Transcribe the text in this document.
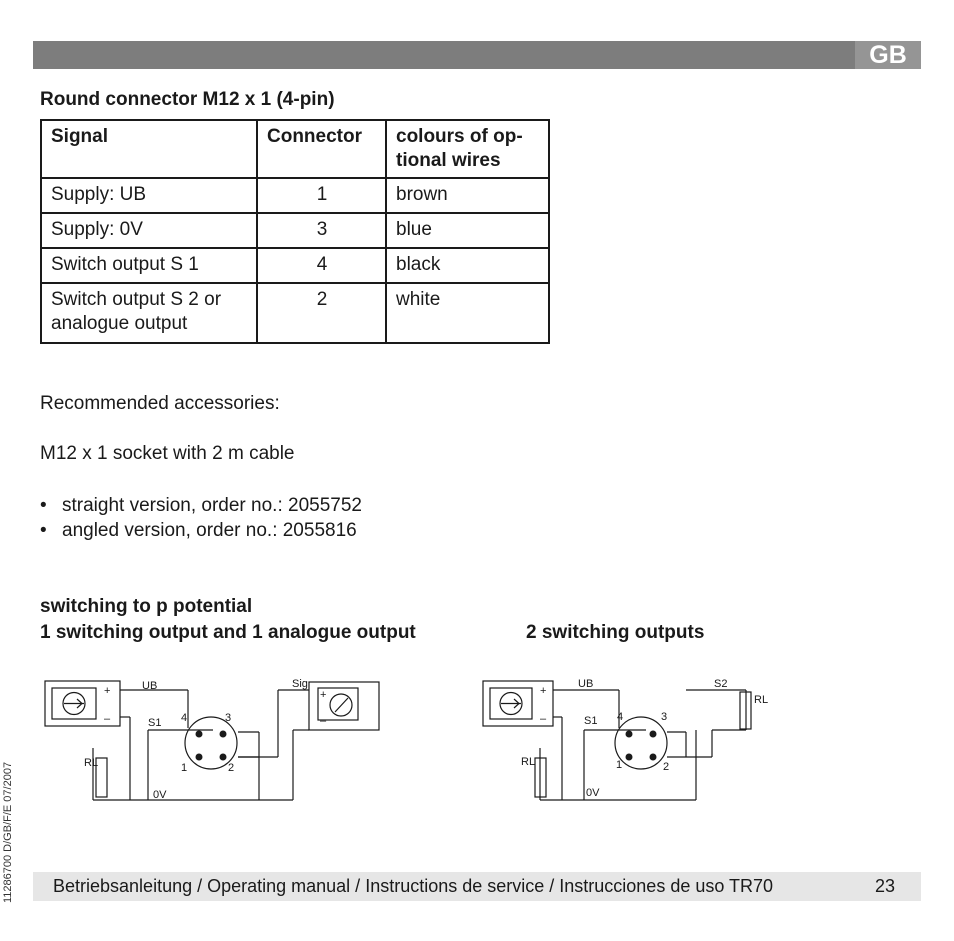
GB
Round connector M12 x 1 (4-pin)
Signal	Connector	colours of op-
tional wires
Supply: UB	1	brown
Supply: 0V	3	blue
Switch output S 1	4	black
Switch output S 2 or
analogue output	2	white
Recommended accessories:
M12 x 1 socket with 2 m cable
• straight version, order no.: 2055752
• angled version, order no.: 2055816
switching to p potential
1 switching output and 1 analogue output	2 switching outputs
+
–
UB
S1
Sig
+
–
0V
RL
4	3
1	2
+
–
UB
S1
S2
RL
0V
RL
4	3
1	2
11286700 D/GB/F/E 07/2007 Betriebsanleitung / Operating manual / Instructions de service / Instrucciones de uso TR70	23
